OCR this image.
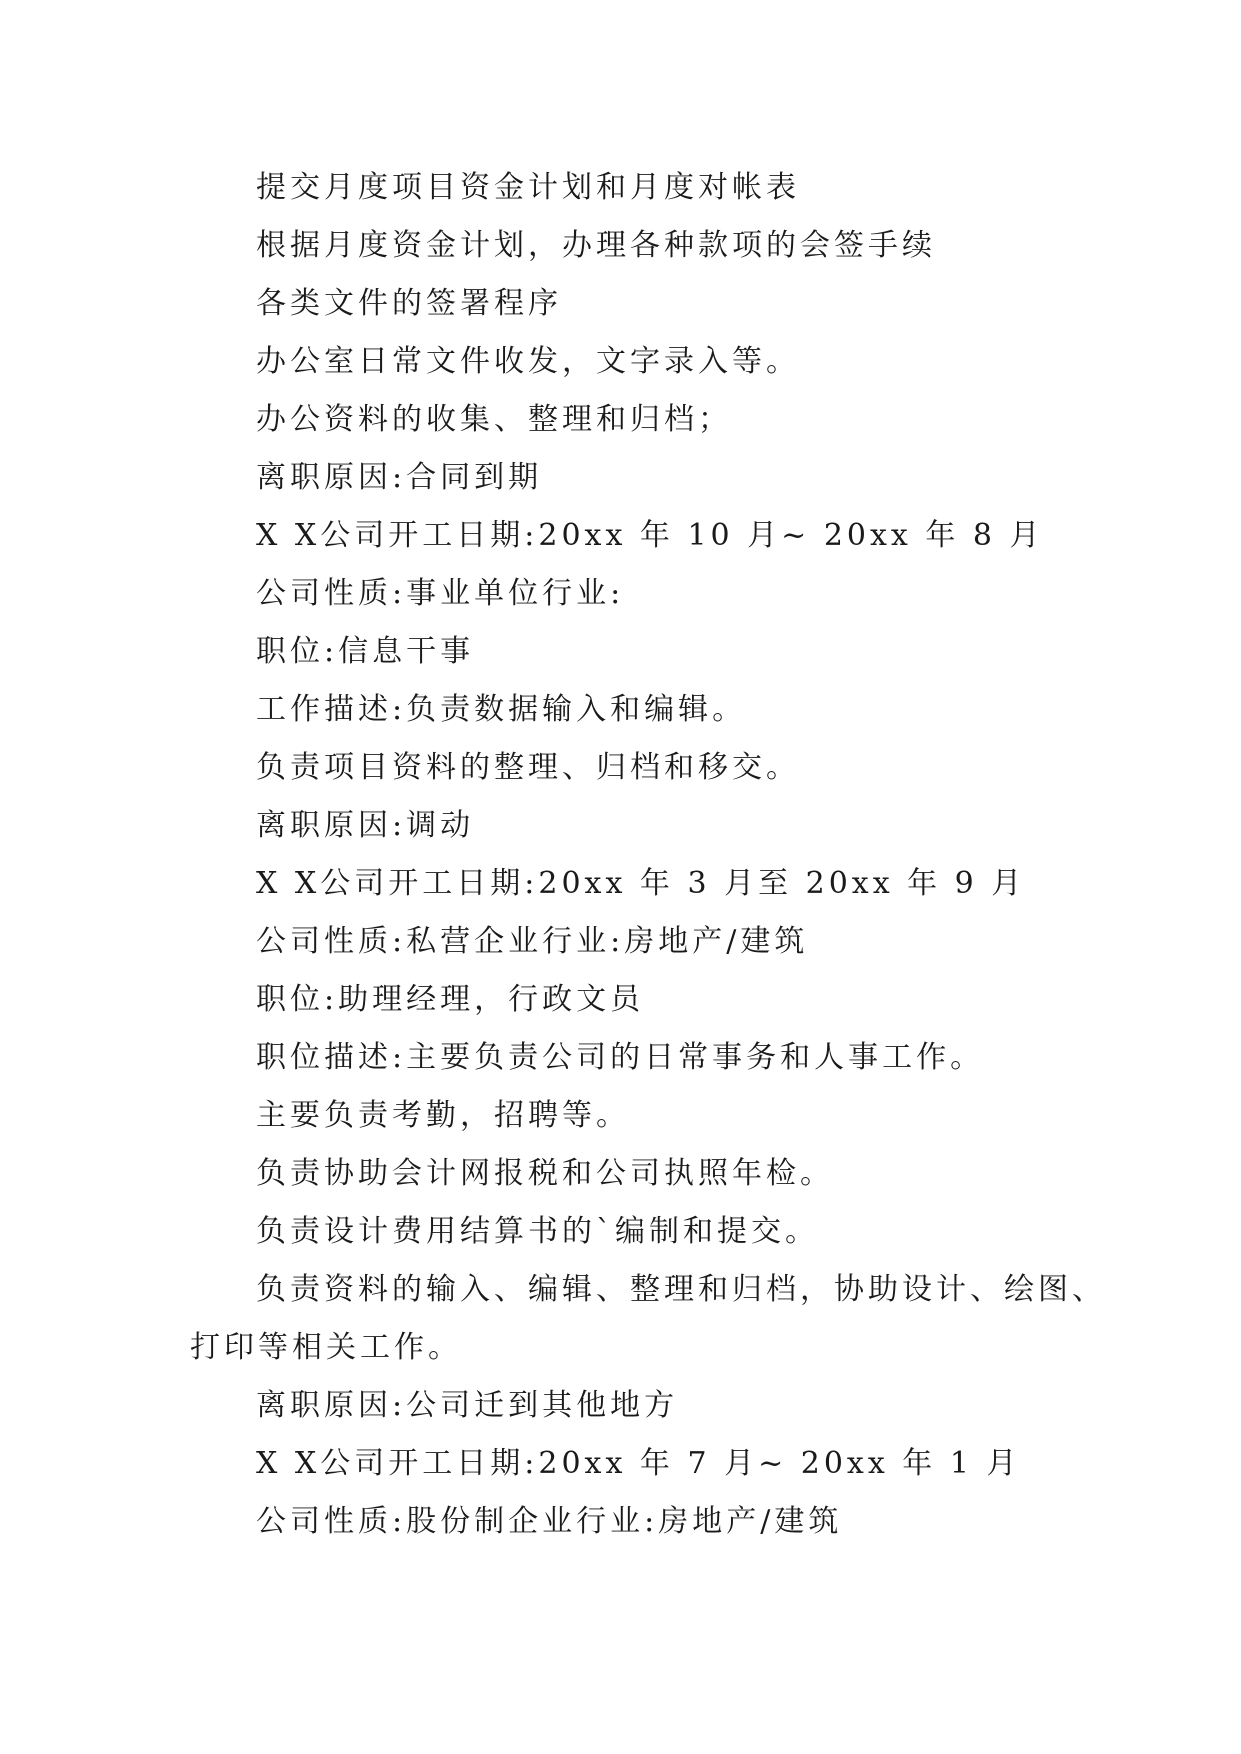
提交月度项目资金计划和月度对帐表
根据月度资金计划，办理各种款项的会签手续
各类文件的签署程序
办公室日常文件收发，文字录入等。
办公资料的收集、整理和归档；
离职原因:合同到期
X X公司开工日期:20xx 年 10 月~ 20xx 年 8 月
公司性质:事业单位行业:
职位:信息干事
工作描述:负责数据输入和编辑。
负责项目资料的整理、归档和移交。
离职原因:调动
X X公司开工日期:20xx 年 3 月至 20xx 年 9 月
公司性质:私营企业行业:房地产/建筑
职位:助理经理，行政文员
职位描述:主要负责公司的日常事务和人事工作。
主要负责考勤，招聘等。
负责协助会计网报税和公司执照年检。
负责设计费用结算书的`编制和提交。
负责资料的输入、编辑、整理和归档，协助设计、绘图、
打印等相关工作。
离职原因:公司迁到其他地方
X X公司开工日期:20xx 年 7 月~ 20xx 年 1 月
公司性质:股份制企业行业:房地产/建筑
